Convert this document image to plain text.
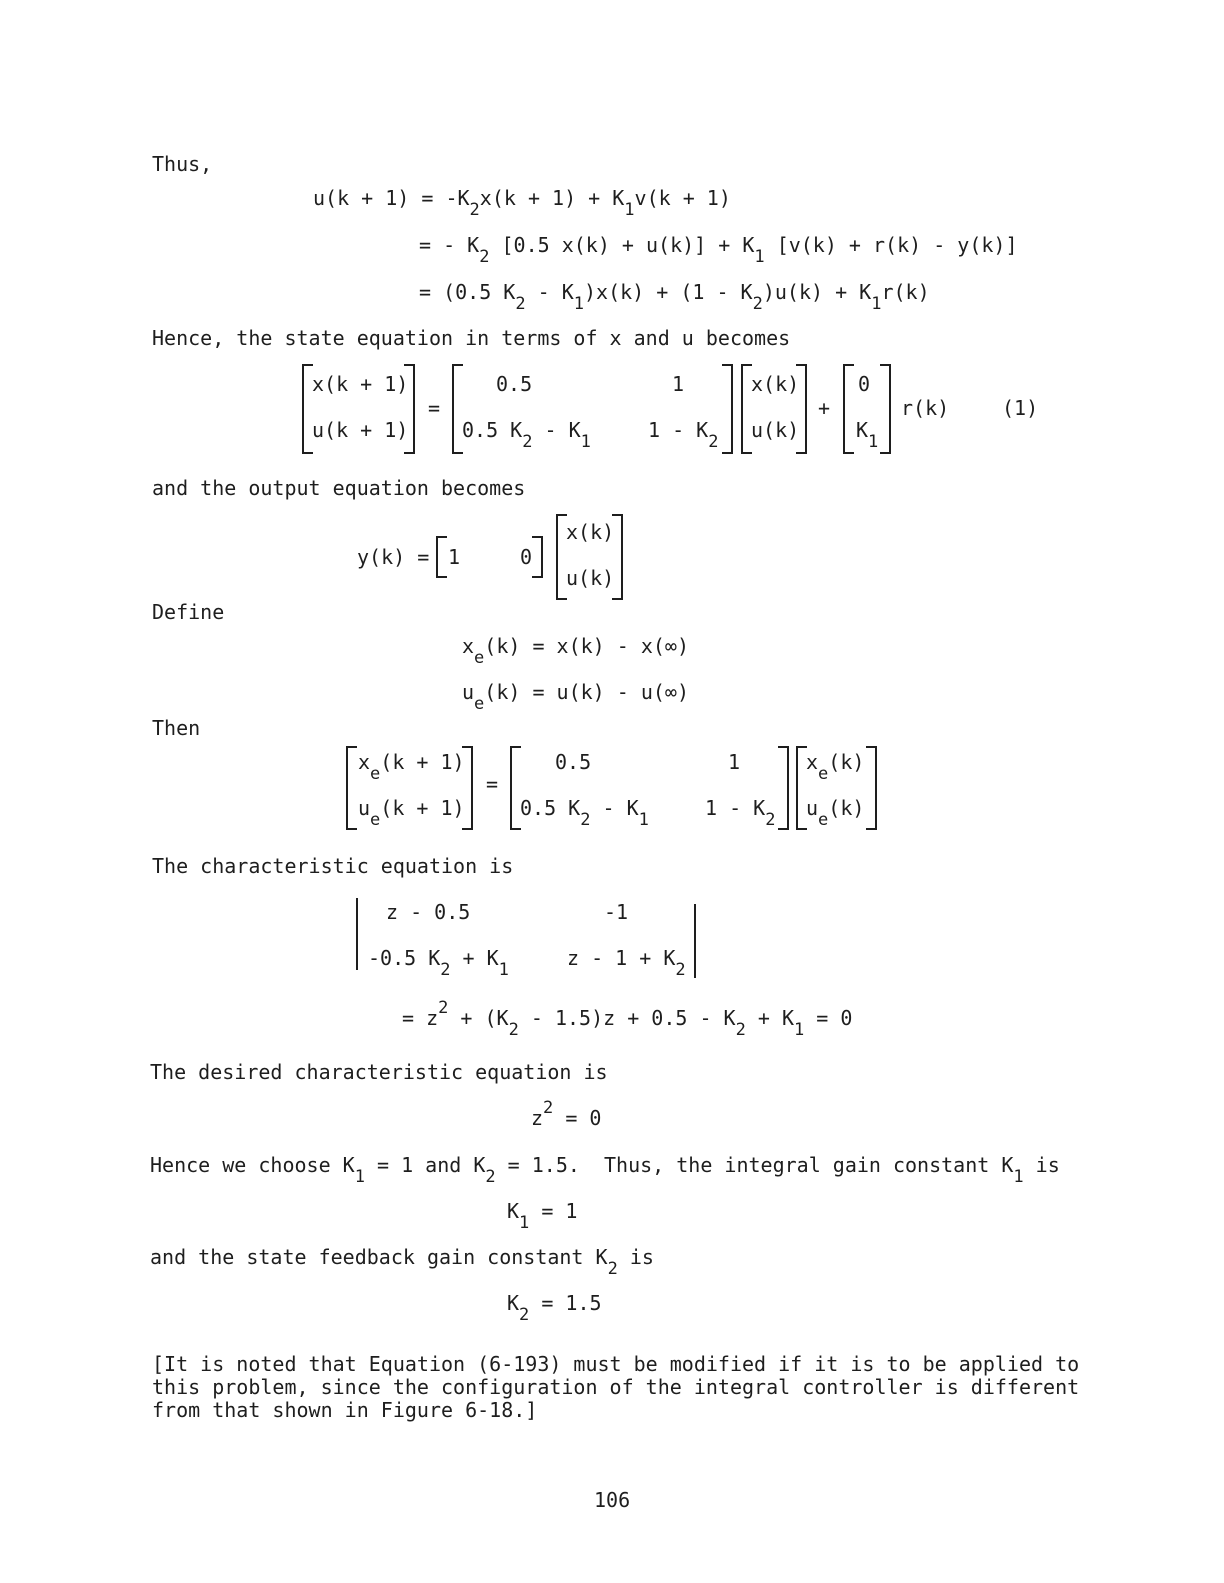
Thus,
$u(k + 1) = -K_2x(k + 1) + K_1v(k + 1)$
= - $K_2$ [0.5 $x(k) + u(k)] + K_1$ [v(k) + r(k) - y(k)]
= (0.5 $K_2 - K_1)x(k) + (1 - K_2)u(k) + K_1r(k)$
Hence, the state equation in terms of x and u becomes
x(k + 1)
u(k + 1)
=
0.5	1
0.5 $K_2 - K_1$	$1 - K_2$
x(k)
u(k)
+
0
$K_1$
r(k)	(1)
and the output equation becomes
y(k) = 1	0
x(k)
u(k)
Define
$x_e(k) = x(k) - x(\infty)$
$u_e(k) = u(k) - u(\infty)$
Then
$x_e(k + 1)$
$u_e(k + 1)$
=
0.5	1
0.5 $K_2 - K_1$	$1 - K_2$
$x_e(k)$
$u_e(k)$
The characteristic equation is
z - 0.5	-1
-0.5 $K_2 + K_1$	$z - 1 + K_2$
= $z^2 + (K_2 - 1.5)z + 0.5 - K_2 + K_1 = 0$
The desired characteristic equation is
$z^2 = 0$
Hence we choose $K_1 = 1$ and $K_2 = 1.5$.  Thus, the integral gain constant $K_1$ is
$K_1 = 1$
and the state feedback gain constant $K_2$ is
$K_2 = 1.5$
[It is noted that Equation (6-193) must be modified if it is to be applied to
this problem, since the configuration of the integral controller is different
from that shown in Figure 6-18.]
106
